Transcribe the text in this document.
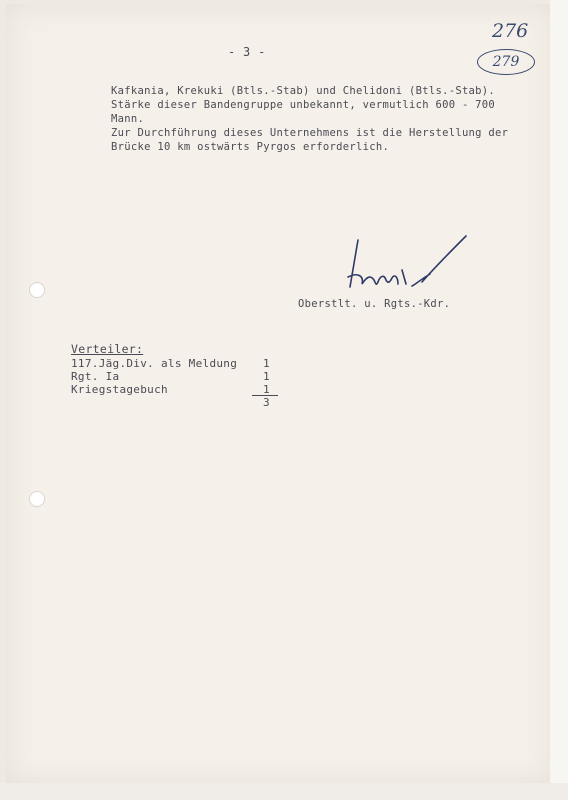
- 3 -
276
279
Kafkania, Krekuki (Btls.-Stab) und Chelidoni (Btls.-Stab).
Stärke dieser Bandengruppe unbekannt, vermutlich 600 - 700
Mann.
Zur Durchführung dieses Unternehmens ist die Herstellung der
Brücke 10 km ostwärts Pyrgos erforderlich.
Oberstlt. u. Rgts.-Kdr.
Verteiler:
117.Jäg.Div. als Meldung 1
Rgt. Ia	1
Kriegstagebuch	1
3
